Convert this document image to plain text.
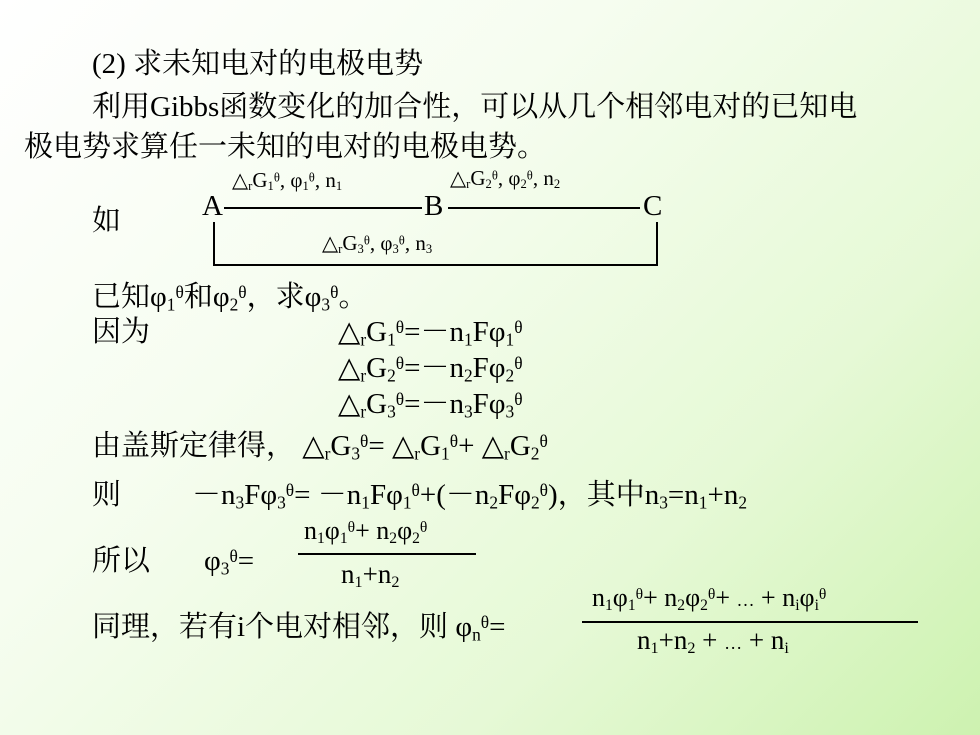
(2) 求未知电对的电极电势
利用Gibbs函数变化的加合性，可以从几个相邻电对的已知电
极电势求算任一未知的电对的电极电势。
如	A	B	C
$\triangle_rG_1^\theta$, $\varphi_1^\theta$, $n_1$	$\triangle_rG_2^\theta$, $\varphi_2^\theta$, $n_2$
$\triangle_rG_3^\theta$, $\varphi_3^\theta$, $n_3$
已知$\varphi_1^\theta$和$\varphi_2^\theta$，求$\varphi_3^\theta$。
因为	$\triangle_rG_1^\theta=-n_1F\varphi_1^\theta$
$\triangle_rG_2^\theta=-n_2F\varphi_2^\theta$
$\triangle_rG_3^\theta=-n_3F\varphi_3^\theta$
由盖斯定律得， $\triangle_rG_3^\theta=$ $\triangle_rG_1^\theta+$ $\triangle_rG_2^\theta$
则 $-n_3F\varphi_3^\theta= -n_1F\varphi_1^\theta+(-n_2F\varphi_2^\theta)$，其中$n_3=n_1+n_2$
所以 $\varphi_3^\theta=$
$n_1\varphi_1^\theta+ n_2\varphi_2^\theta$
$n_1+n_2$
同理，若有i个电对相邻，则 $\varphi_n^\theta=$
$n_1\varphi_1^\theta+ n_2\varphi_2^\theta+$ … + $n_i\varphi_i^\theta$
$n_1+n_2$ + … + $n_i$
